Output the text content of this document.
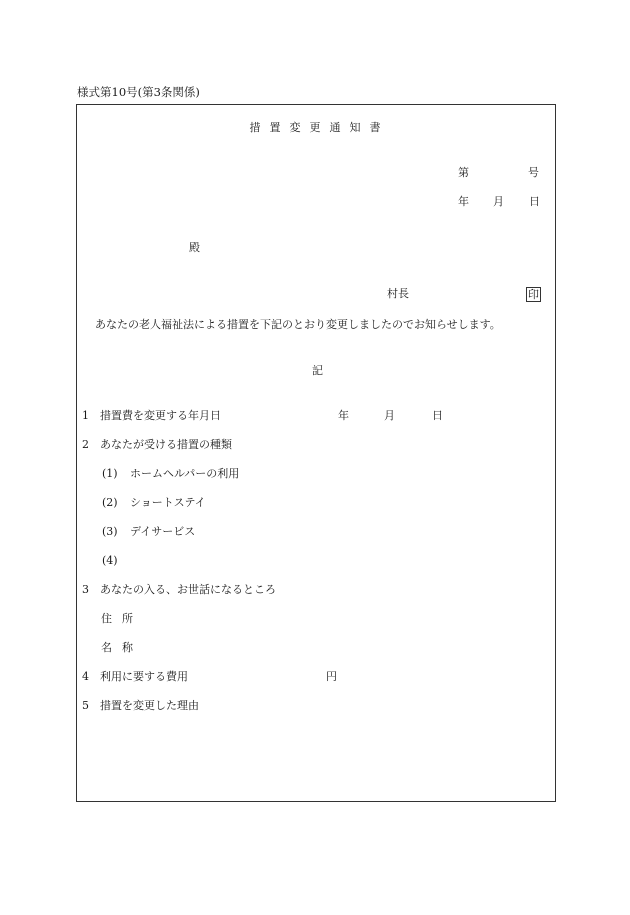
様式第10号(第3条関係)
措置変更通知書
第	号
年 月 日
殿
村長	印
あなたの老人福祉法による措置を下記のとおり変更しましたのでお知らせします。
記
1 措置費を変更する年月日	年	月	日
2 あなたが受ける措置の種類
(1) ホームヘルパーの利用
(2) ショートステイ
(3) デイサービス
(4)
3 あなたの入る、お世話になるところ
住所
名称
4 利用に要する費用	円
5 措置を変更した理由
